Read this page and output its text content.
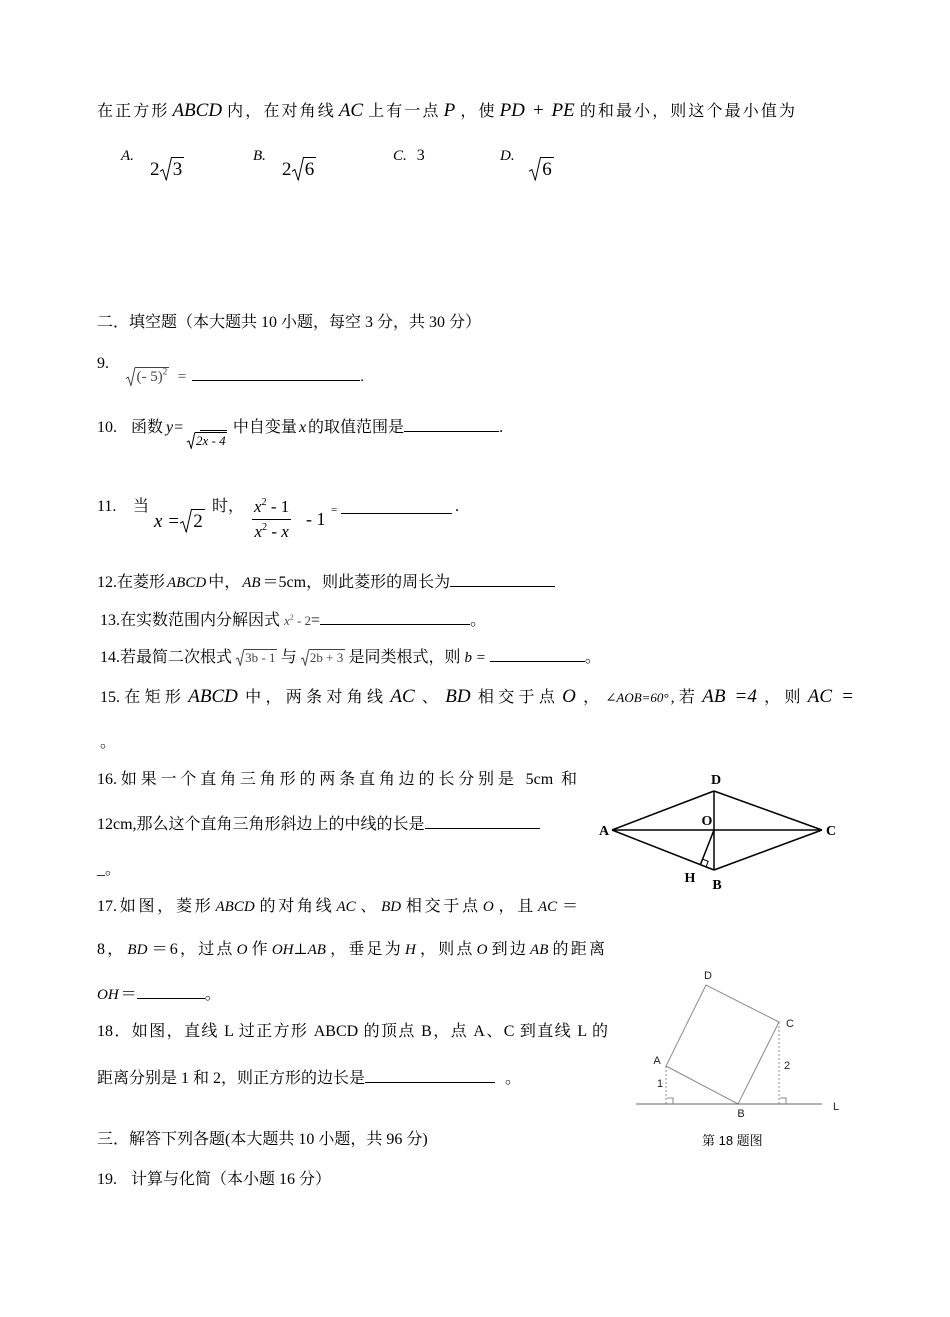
在正方形 ABCD 内，在对角线 AC 上有一点 P ，使 PD + PE 的和最小，则这个最小值为
A.
2 3
B.
2 6
C. 3	D.
6
二．填空题（本大题共 10 小题，每空 3 分，共 30 分）
9.
(- 5)$^2$ =	.
10. 函数 y=
2x - 4中自变量 x 的取值范围是	.
11. 当
x = 2
时， $\frac{x^2 - 1}{x^2 - x} - 1$ =	.
12.在菱形 ABCD 中， AB ＝5cm，则此菱形的周长为
13.在实数范围内分解因式 $x^2 - 2=$	。
14.若最简二次根式 3b - 1 与 2b + 3 是同类根式，则 b =	。
15.在矩形 ABCD 中，两条对角线 AC 、 BD 相交于点 O ， ∠AOB=60° ,若 AB =4 ，则 AC =
。
16.如果一个直角三角形的两条直角边的长分别是 5cm 和
12cm,那么这个直角三角形斜边上的中线的长是
_。
17.如图，菱形 ABCD 的对角线 AC 、 BD 相交于点 O ，且 AC ＝
8， BD ＝6，过点 O 作 OH⊥AB ，垂足为 H ，则点 O 到边 AB 的距离
OH ＝	。
18．如图，直线 L 过正方形 ABCD 的顶点 B，点 A、C 到直线 L 的
距离分别是 1 和 2，则正方形的边长是	。
三．解答下列各题(本大题共 10 小题，共 96 分)
19. 计算与化简（本小题 16 分）
D
A
O
C
H B
D
C
A
1
2
B
L
第 18 题图
